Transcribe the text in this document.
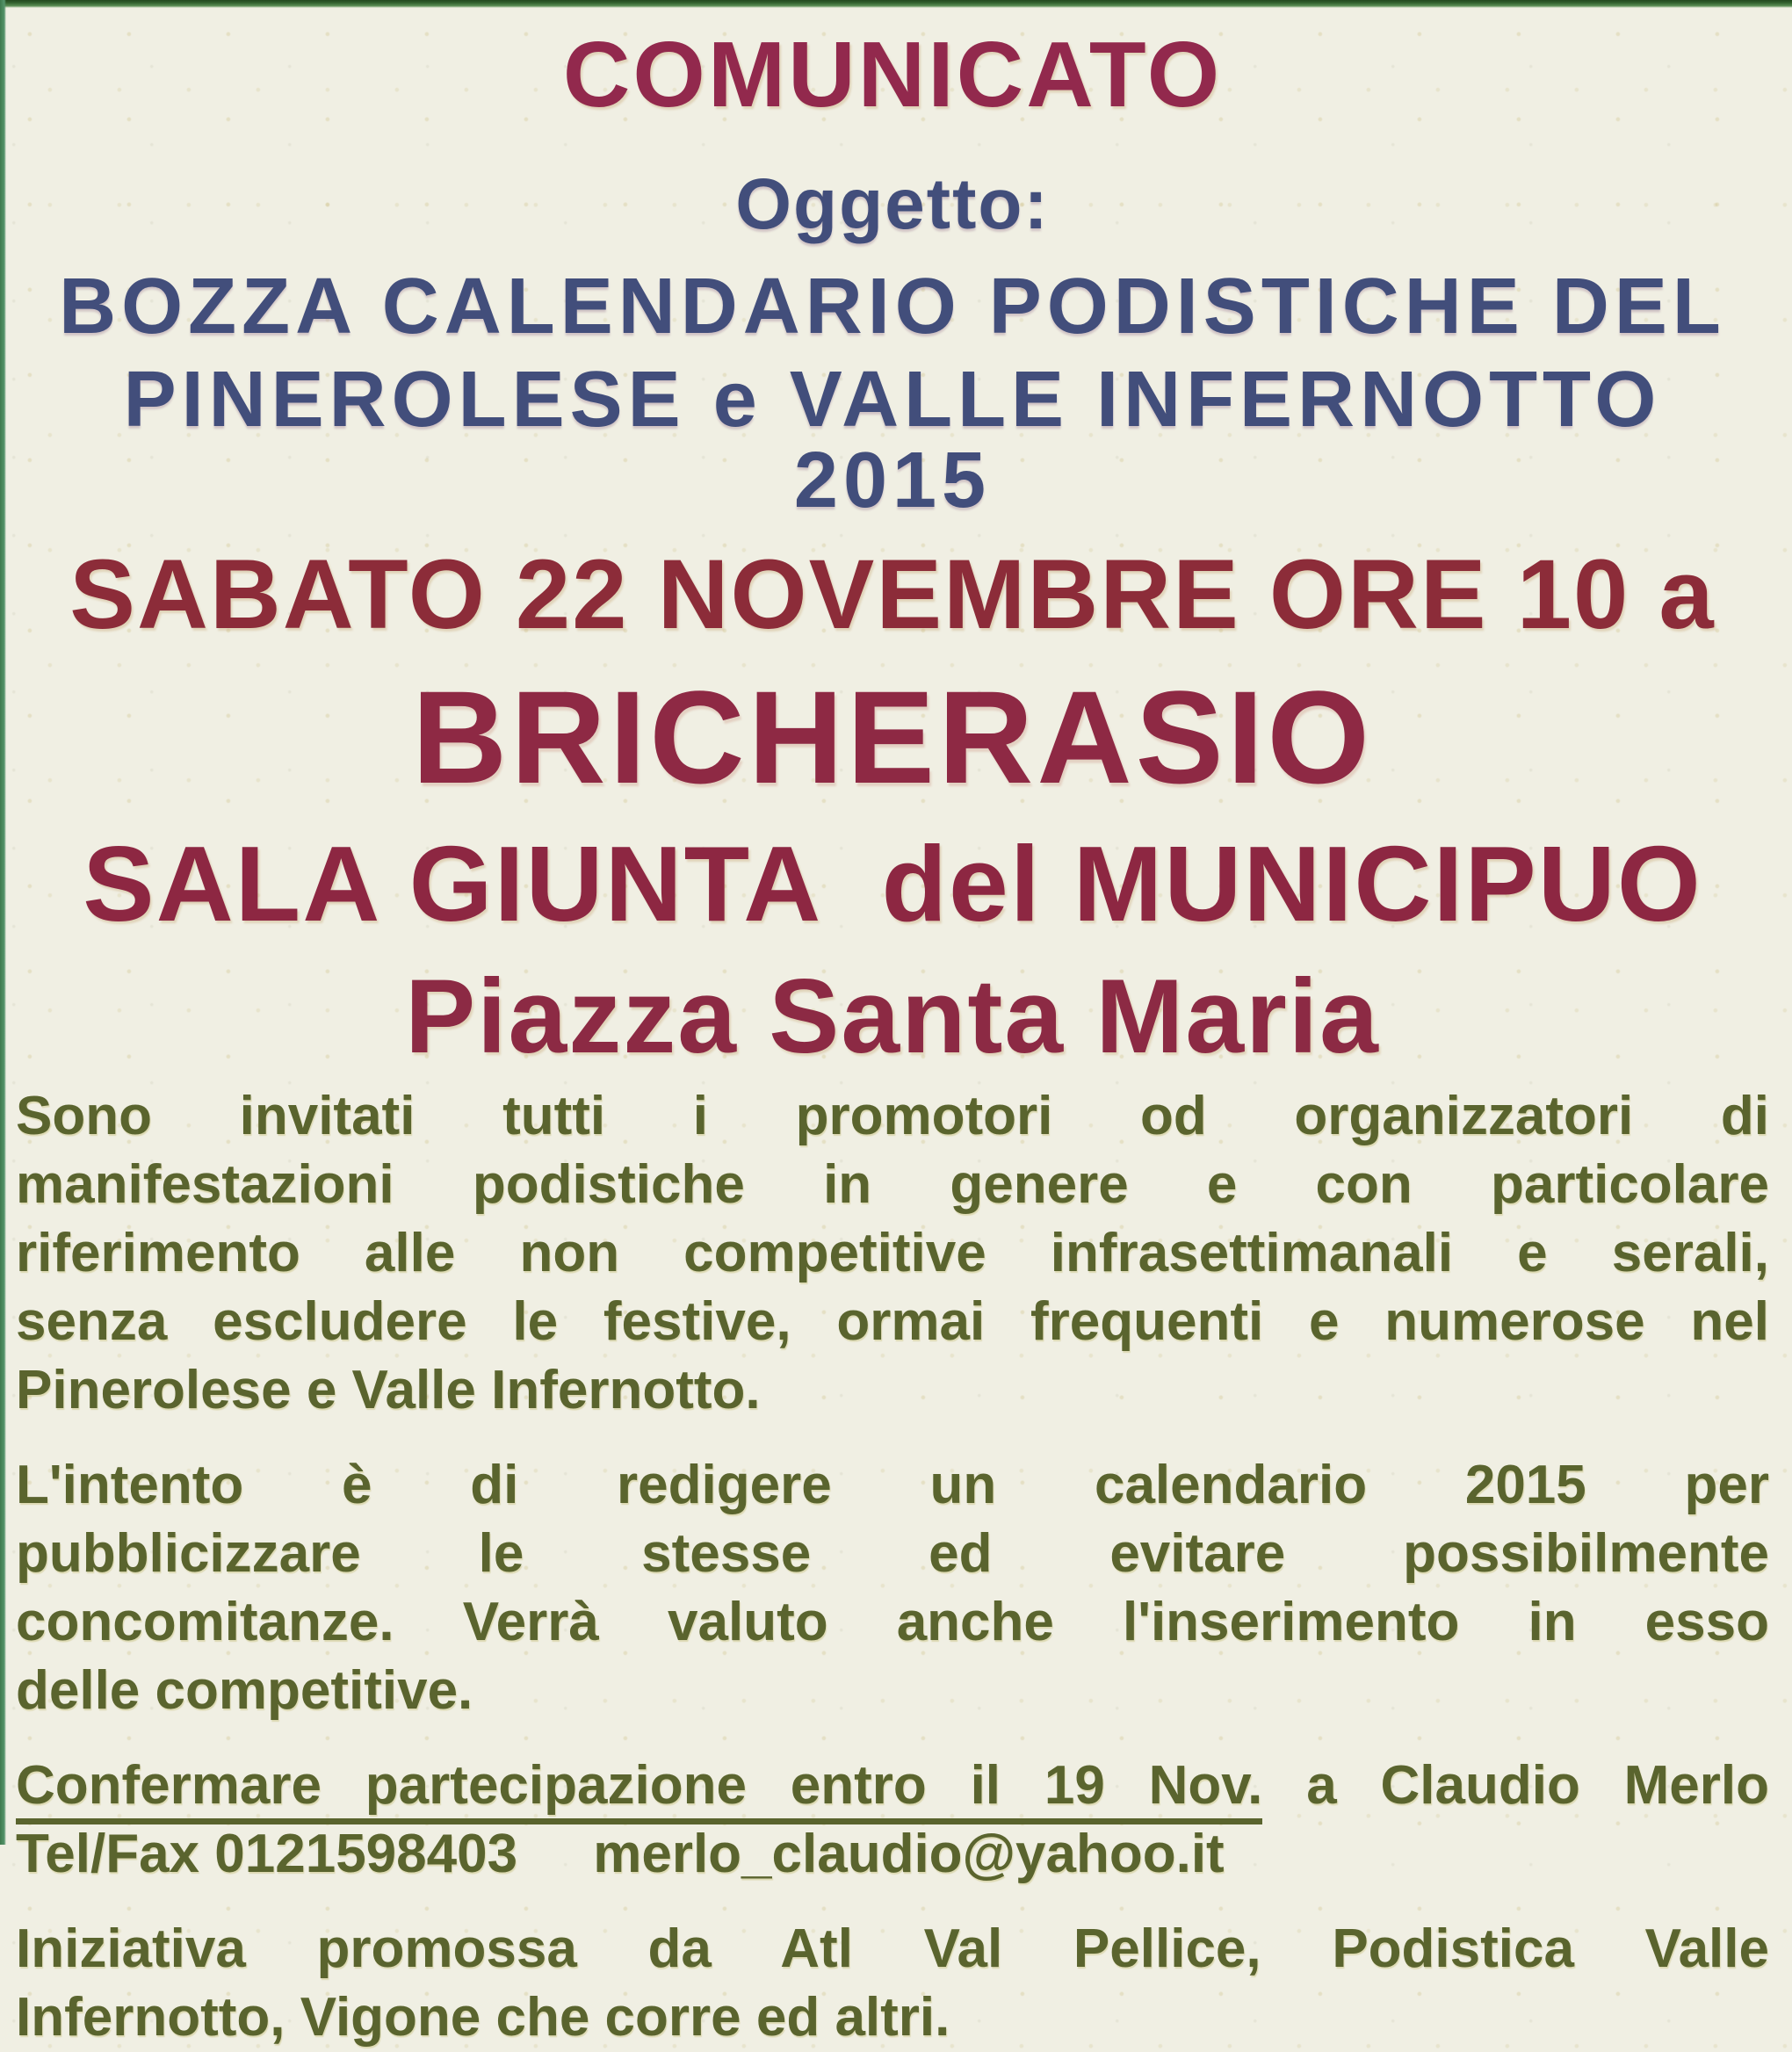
COMUNICATO
Oggetto:
BOZZA CALENDARIO PODISTICHE DEL
PINEROLESE e VALLE INFERNOTTO 2015
SABATO 22 NOVEMBRE ORE 10 a
BRICHERASIO
SALA GIUNTA  del MUNICIPUO
Piazza Santa Maria
Sono invitati tutti i promotori od organizzatori di
manifestazioni podistiche in genere e con particolare
riferimento alle non competitive infrasettimanali e serali,
senza escludere le festive, ormai frequenti e numerose nel
Pinerolese e Valle Infernotto.
L'intento è di redigere un calendario 2015 per
pubblicizzare le stesse ed evitare possibilmente
concomitanze. Verrà valuto anche l'inserimento in esso
delle competitive.
Confermare partecipazione entro il 19 Nov. a Claudio Merlo
Tel/Fax 0121598403     merlo_claudio@yahoo.it
Iniziativa promossa da Atl Val Pellice, Podistica Valle
Infernotto, Vigone che corre ed altri.
